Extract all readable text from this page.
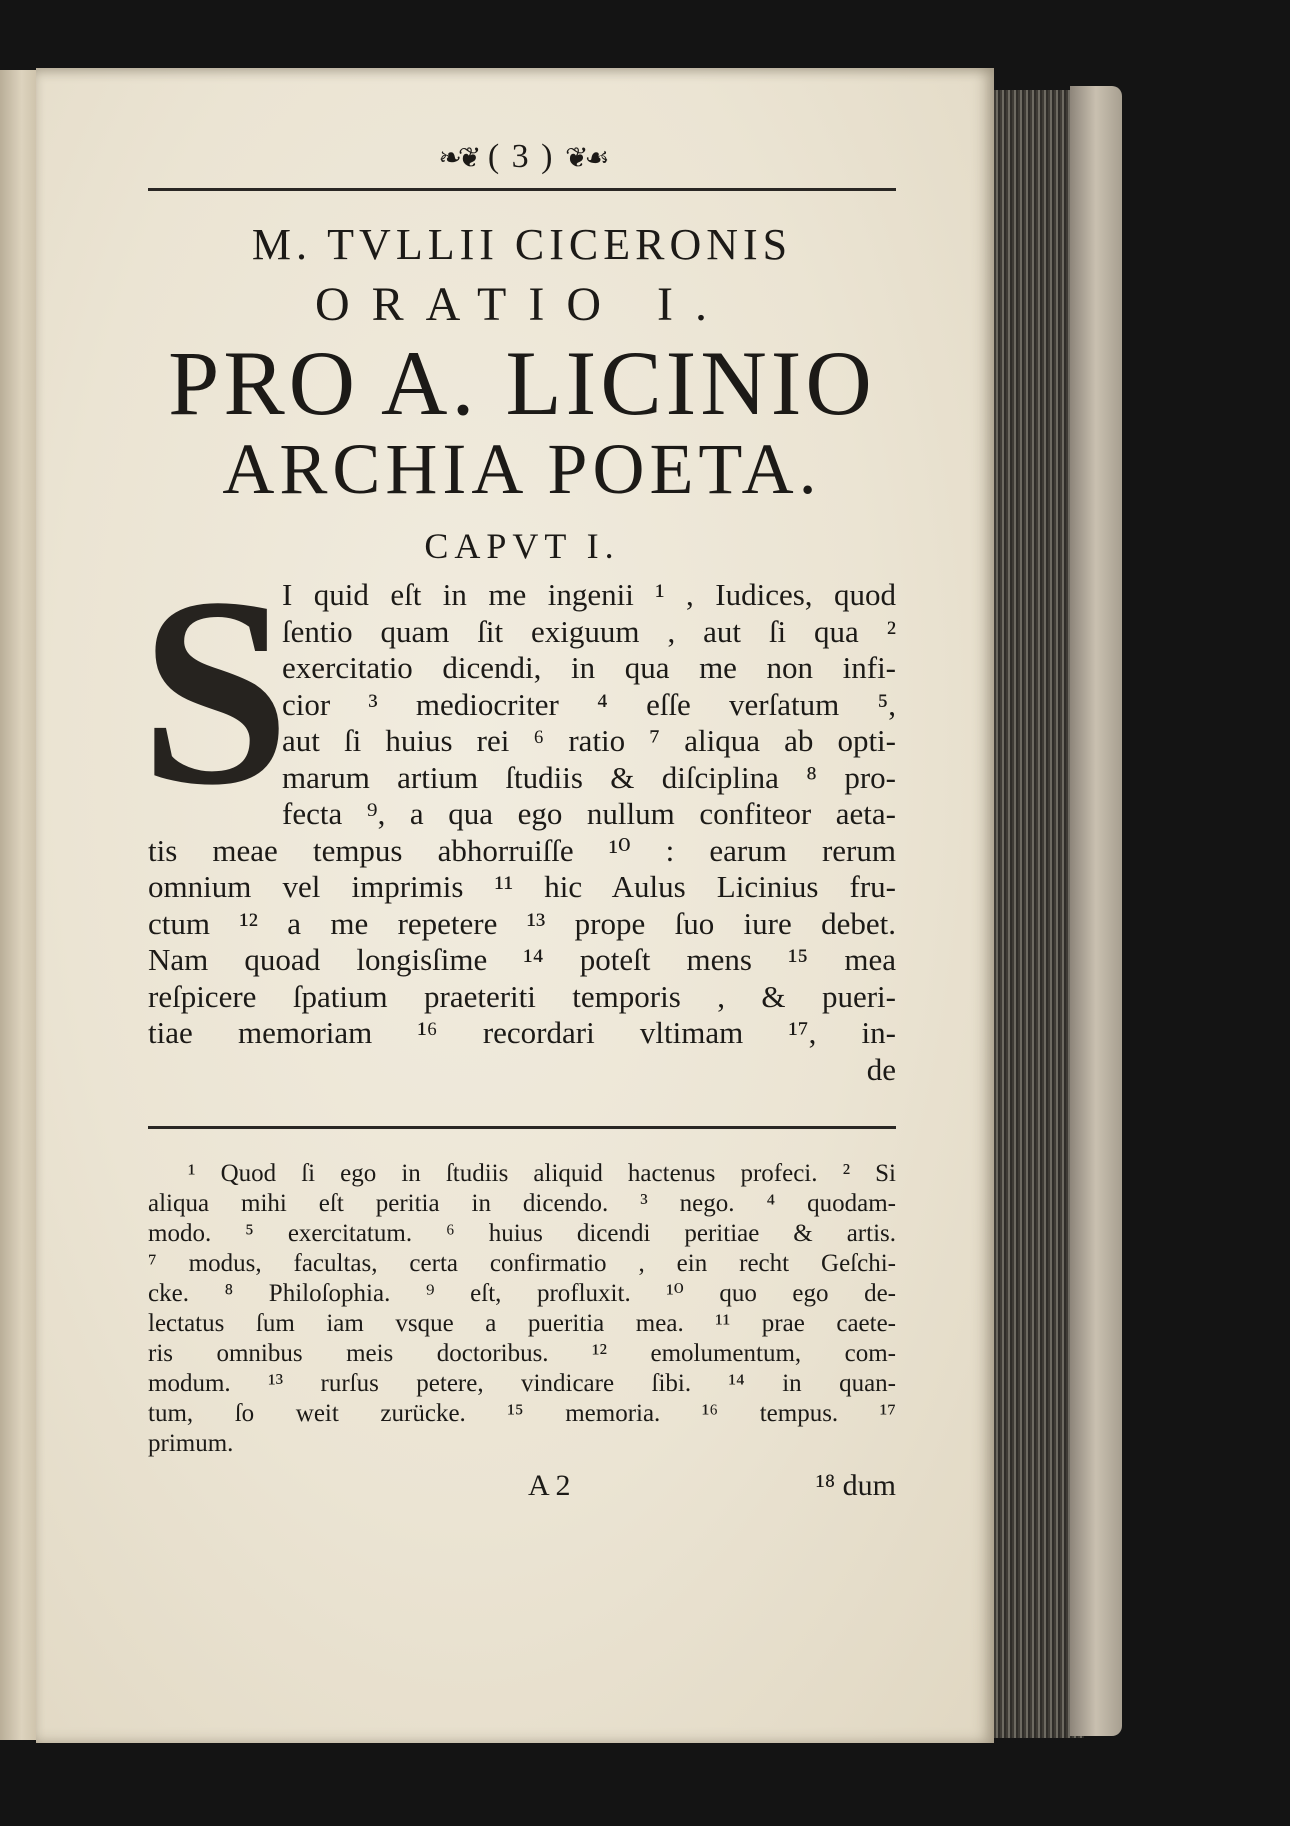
❧❦ ( 3 ) ❦☙

M. TVLLII CICERONIS

ORATIO I.

PRO A. LICINIO

ARCHIA POETA.

CAPVT I.

S
I quid eſt in me ingenii ¹ , Iudices, quod
ſentio quam ſit exiguum , aut ſi qua ²
exercitatio dicendi, in qua me non infi-
cior ³ mediocriter ⁴ eſſe verſatum ⁵,
aut ſi huius rei ⁶ ratio ⁷ aliqua ab opti-
marum artium ſtudiis & diſciplina ⁸ pro-
fecta ⁹, a qua ego nullum confiteor aeta-
tis meae tempus abhorruiſſe ¹⁰ : earum rerum
omnium vel imprimis ¹¹ hic Aulus Licinius fru-
ctum ¹² a me repetere ¹³ prope ſuo iure debet.
Nam quoad longisſime ¹⁴ poteſt mens ¹⁵ mea
reſpicere ſpatium praeteriti temporis , & pueri-
tiae memoriam ¹⁶ recordari vltimam ¹⁷, in-
de
¹ Quod ſi ego in ſtudiis aliquid hactenus profeci. ² Si
aliqua mihi eſt peritia in dicendo. ³ nego. ⁴ quodam-
modo. ⁵ exercitatum. ⁶ huius dicendi peritiae & artis.
⁷ modus, facultas, certa confirmatio , ein recht Geſchi-
cke. ⁸ Philoſophia. ⁹ eſt, profluxit. ¹⁰ quo ego de-
lectatus ſum iam vsque a pueritia mea. ¹¹ prae caete-
ris omnibus meis doctoribus. ¹² emolumentum, com-
modum. ¹³ rurſus petere, vindicare ſibi. ¹⁴ in quan-
tum, ſo weit zurücke. ¹⁵ memoria. ¹⁶ tempus. ¹⁷
primum.
A 2	¹⁸ dum
